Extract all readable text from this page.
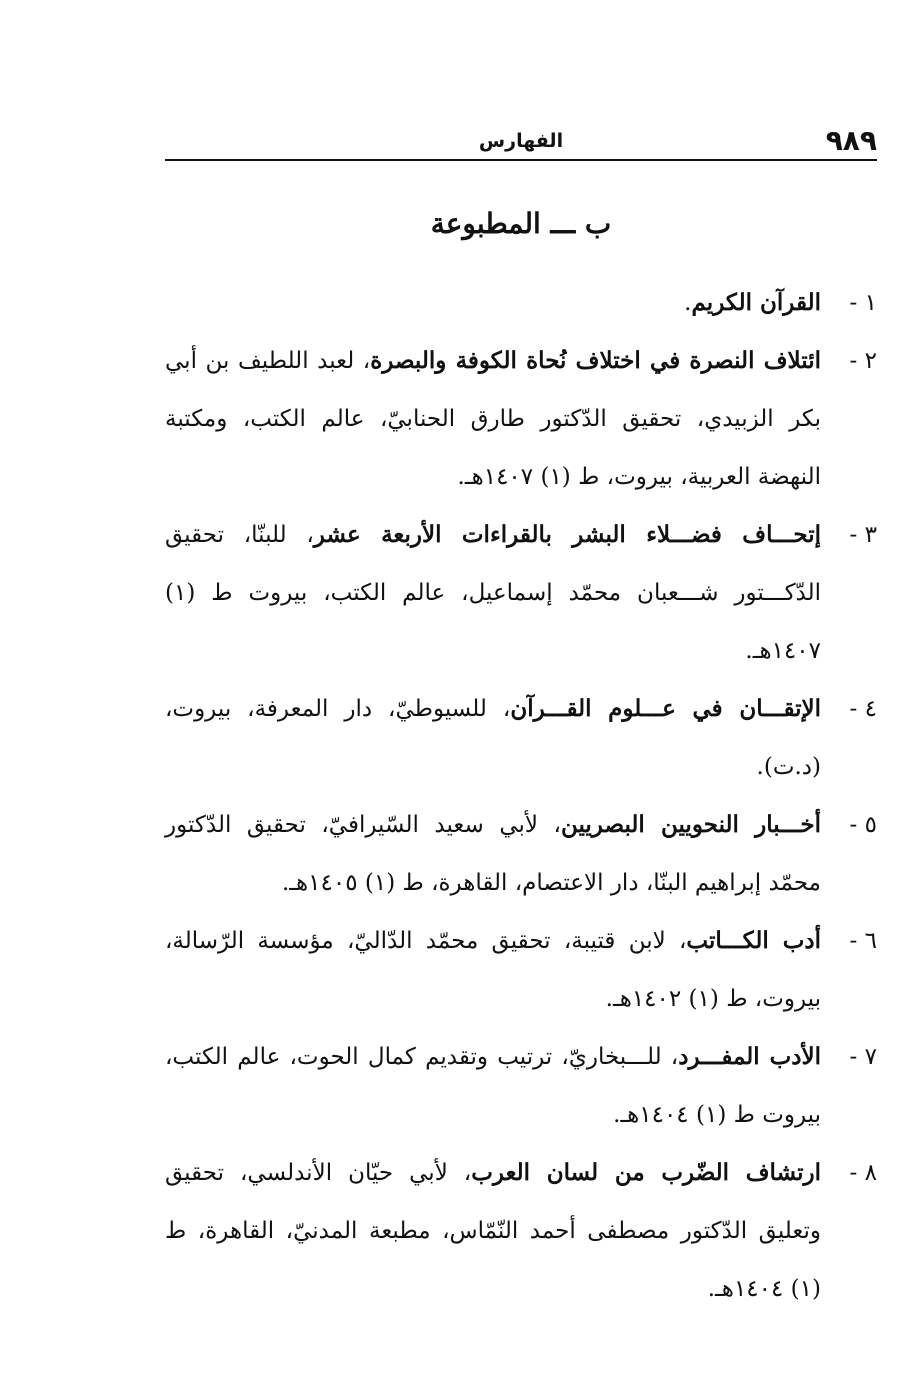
٩٨٩
الفهارس
ب ـــ المطبوعة

١ -
القرآن الكريم.

٢ -
ائتلاف النصرة في اختلاف نُحاة الكوفة والبصرة، لعبد اللطيف بن أبي بكر الزبيدي، تحقيق الدّكتور طارق الحنابيّ، عالم الكتب، ومكتبة النهضة العربية، بيروت، ط (١) ١٤٠٧هـ.

٣ -
إتحـــاف فضـــلاء البشر بالقراءات الأربعة عشر، للبنّا، تحقيق الدّكـــتور شـــعبان محمّد إسماعيل، عالم الكتب، بيروت ط (١) ١٤٠٧هـ.

٤ -
الإتقـــان في عـــلوم القـــرآن، للسيوطيّ، دار المعرفة، بيروت، (د.ت).

٥ -
أخـــبار النحويين البصريين، لأبي سعيد السّيرافيّ، تحقيق الدّكتور محمّد إبراهيم البنّا، دار الاعتصام، القاهرة، ط (١) ١٤٠٥هـ.

٦ -
أدب الكـــاتب، لابن قتيبة، تحقيق محمّد الدّاليّ، مؤسسة الرّسالة، بيروت، ط (١) ١٤٠٢هـ.

٧ -
الأدب المفـــرد، للـــبخاريّ، ترتيب وتقديم كمال الحوت، عالم الكتب، بيروت ط (١) ١٤٠٤هـ.

٨ -
ارتشاف الضّرب من لسان العرب، لأبي حيّان الأندلسي، تحقيق وتعليق الدّكتور مصطفى أحمد النّمّاس، مطبعة المدنيّ، القاهرة، ط (١) ١٤٠٤هـ.
